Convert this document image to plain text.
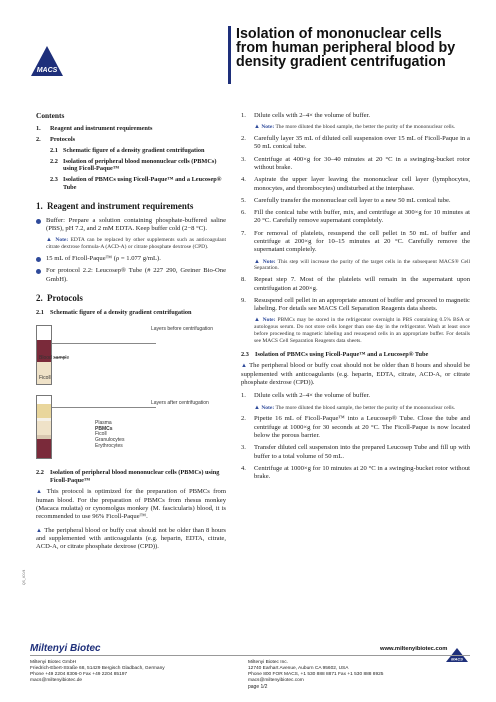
MACS
Isolation of mononuclear cells from human peripheral blood by density gradient centrifugation
Contents
1.	Reagent and instrument requirements
2.	Protocols
2.1 Schematic figure of a density gradient centrifugation
2.2 Isolation of peripheral blood mononuclear cells (PBMCs) using Ficoll-Paque™
2.3 Isolation of PBMCs using Ficoll-Paque™ and a Leucosep® Tube
1. Reagent and instrument requirements
Buffer: Prepare a solution containing phosphate-buffered saline (PBS), pH 7.2, and 2 mM EDTA. Keep buffer cold (2−8 °C).
▲ Note: EDTA can be replaced by other supplements such as anticoagulant citrate dextrose formula-A (ACD-A) or citrate phosphate dextrose (CPD).
15 mL of Ficoll-Paque™ (ρ = 1.077 g/mL).
For protocol 2.2: Leucosep® Tube (# 227 290, Greiner Bio-One GmbH).
2. Protocols
2.1 Schematic figure of a density gradient centrifugation
Layers before centrifugation
Blood sample
Ficoll
Layers after centrifugation
Plasma
PBMCs
Ficoll
Granulocytes
Erythrocytes
2.2 Isolation of peripheral blood mononuclear cells (PBMCs) using Ficoll-Paque™
▲ This protocol is optimized for the preparation of PBMCs from human blood. For the preparation of PBMCs from rhesus monkey (Macaca mulatta) or cynomolgus monkey (M. fascicularis) blood, it is recommended to use 96% Ficoll-Paque™.
▲ The peripheral blood or buffy coat should not be older than 8 hours and supplemented with anticoagulants (e.g. heparin, EDTA, citrate, ACD-A, or citrate phosphate dextrose (CPD)).
1.	Dilute cells with 2–4× the volume of buffer.
▲ Note: The more diluted the blood sample, the better the purity of the mononuclear cells.
2.	Carefully layer 35 mL of diluted cell suspension over 15 mL of Ficoll-Paque in a 50 mL conical tube.
3.	Centrifuge at 400×g for 30–40 minutes at 20 °C in a swinging-bucket rotor without brake.
4.	Aspirate the upper layer leaving the mononuclear cell layer (lymphocytes, monocytes, and thrombocytes) undisturbed at the interphase.
5.	Carefully transfer the mononuclear cell layer to a new 50 mL conical tube.
6.	Fill the conical tube with buffer, mix, and centrifuge at 300×g for 10 minutes at 20 °C. Carefully remove supernatant completely.
7.	For removal of platelets, resuspend the cell pellet in 50 mL of buffer and centrifuge at 200×g for 10–15 minutes at 20 °C. Carefully remove the supernatant completely.
▲ Note: This step will increase the purity of the target cells in the subsequent MACS® Cell Separation.
8.	Repeat step 7. Most of the platelets will remain in the supernatant upon centrifugation at 200×g.
9.	Resuspend cell pellet in an appropriate amount of buffer and proceed to magnetic labeling. For details see MACS Cell Separation Reagents data sheets.
▲ Note: PBMCs may be stored in the refrigerator overnight in PBS containing 0.5% BSA or autologous serum. Do not store cells longer than one day in the refrigerator. Wash at least once before proceeding to magnetic labeling and resuspend cells in an appropriate buffer. For details see MACS Cell Separation Reagents data sheets.
2.3 Isolation of PBMCs using Ficoll-Paque™ and a Leucosep® Tube
▲ The peripheral blood or buffy coat should not be older than 8 hours and should be supplemented with anticoagulants (e.g. heparin, EDTA, citrate, ACD-A, or citrate phosphate dextrose (CPD)).
1.	Dilute cells with 2–4× the volume of buffer.
▲ Note: The more diluted the blood sample, the better the purity of the mononuclear cells.
2.	Pipette 16 mL of Ficoll-Paque™ into a Leucosep® Tube. Close the tube and centrifuge at 1000×g for 30 seconds at 20 °C. The Ficoll-Paque is now located below the porous barrier.
3.	Transfer diluted cell suspension into the prepared Leucosep Tube and fill up with buffer to a total volume of 50 mL.
4.	Centrifuge at 1000×g for 10 minutes at 20 °C in a swinging-bucket rotor without brake.
QS_400/4
Miltenyi Biotec	www.miltenyibiotec.com
MACS
Miltenyi Biotec GmbH
Friedrich-Ebert-Straße 68, 51429 Bergisch Gladbach, Germany
Phone +49 2204 8306-0 Fax +49 2204 85197
macs@miltenyibiotec.de
Miltenyi Biotec Inc.
12740 Earhart Avenue, Auburn CA 95602, USA
Phone 800 FOR MACS, +1 530 888 8871 Fax +1 530 888 8925
macs@miltenyibiotec.com
page 1/2
